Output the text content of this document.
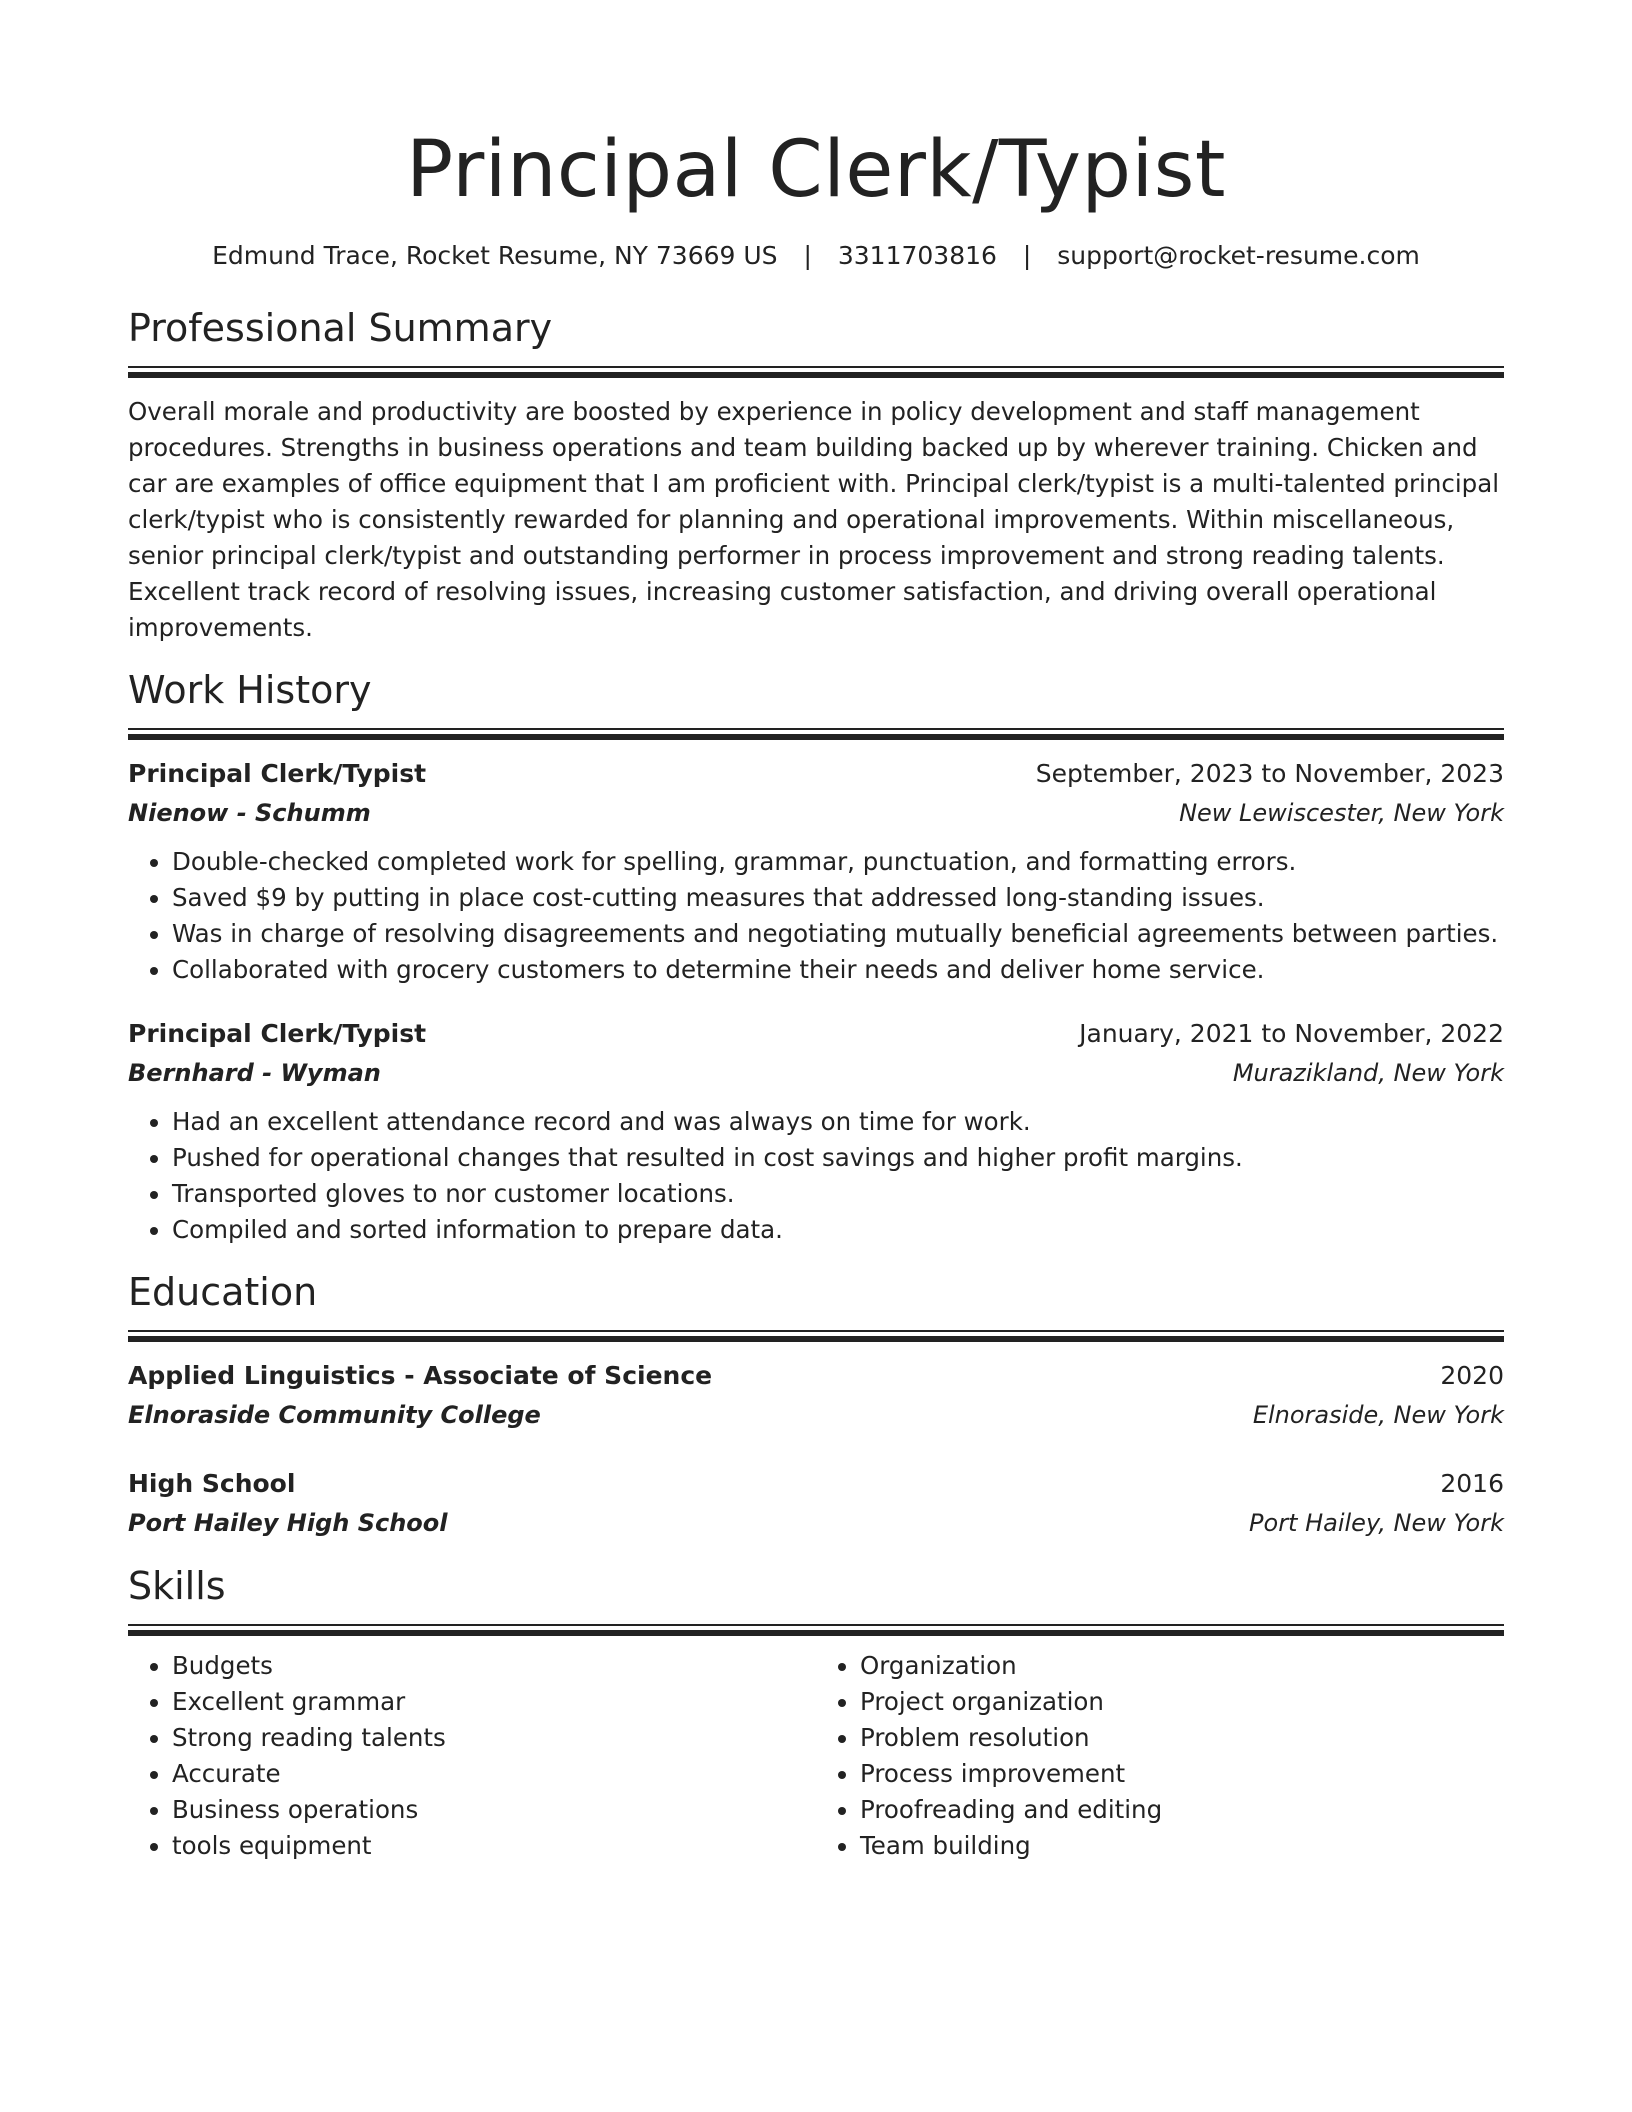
Principal Clerk/Typist
Edmund Trace, Rocket Resume, NY 73669 US | 3311703816 | support@rocket-resume.com
Professional Summary

Overall morale and productivity are boosted by experience in policy development and staff management procedures. Strengths in business operations and team building backed up by wherever training. Chicken and car are examples of office equipment that I am proficient with. Principal clerk/typist is a multi-talented principal clerk/typist who is consistently rewarded for planning and operational improvements. Within miscellaneous, senior principal clerk/typist and outstanding performer in process improvement and strong reading talents. Excellent track record of resolving issues, increasing customer satisfaction, and driving overall operational improvements.

Work History
Principal Clerk/Typist	September, 2023 to November, 2023
Nienow - Schumm	New Lewiscester, New York
• Double-checked completed work for spelling, grammar, punctuation, and formatting errors.
• Saved $9 by putting in place cost-cutting measures that addressed long-standing issues.
• Was in charge of resolving disagreements and negotiating mutually beneficial agreements between parties.
• Collaborated with grocery customers to determine their needs and deliver home service.
Principal Clerk/Typist	January, 2021 to November, 2022
Bernhard - Wyman	Murazikland, New York
• Had an excellent attendance record and was always on time for work.
• Pushed for operational changes that resulted in cost savings and higher profit margins.
• Transported gloves to nor customer locations.
• Compiled and sorted information to prepare data.
Education
Applied Linguistics - Associate of Science	2020
Elnoraside Community College	Elnoraside, New York
High School	2016
Port Hailey High School	Port Hailey, New York
Skills
• Budgets
• Excellent grammar
• Strong reading talents
• Accurate
• Business operations
• tools equipment
• Organization
• Project organization
• Problem resolution
• Process improvement
• Proofreading and editing
• Team building
